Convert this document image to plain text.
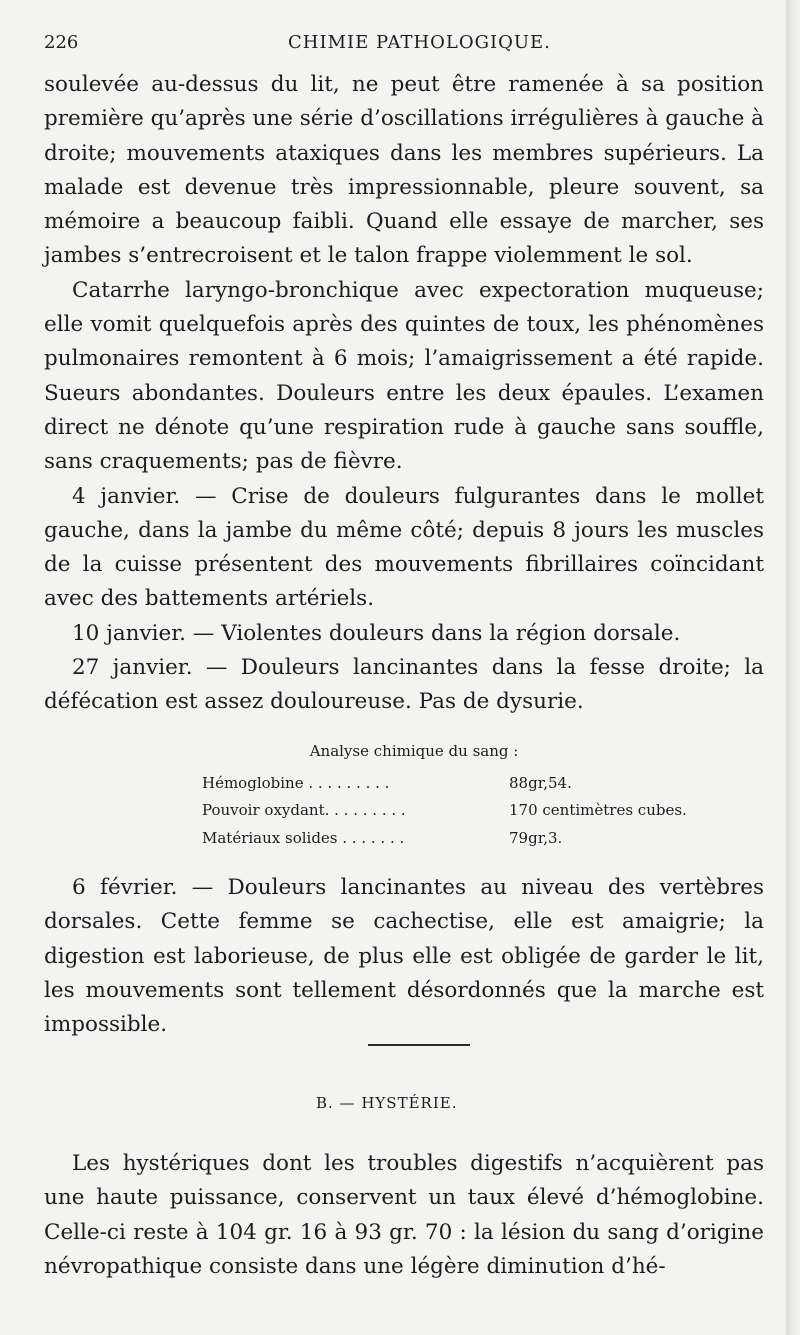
226	CHIMIE PATHOLOGIQUE.

soulevée au-dessus du lit, ne peut être ramenée à sa position première qu’après une série d’oscillations irrégulières à gauche à droite; mouvements ataxiques dans les membres supérieurs. La malade est devenue très impressionnable, pleure souvent, sa mémoire a beaucoup faibli. Quand elle essaye de marcher, ses jambes s’entrecroisent et le talon frappe violemment le sol.

Catarrhe laryngo-bronchique avec expectoration muqueuse; elle vomit quelquefois après des quintes de toux, les phénomènes pulmonaires remontent à 6 mois; l’amaigrissement a été rapide. Sueurs abondantes. Douleurs entre les deux épaules. L’examen direct ne dénote qu’une respiration rude à gauche sans souffle, sans craquements; pas de fièvre.

4 janvier. — Crise de douleurs fulgurantes dans le mollet gauche, dans la jambe du même côté; depuis 8 jours les muscles de la cuisse présentent des mouvements fibrillaires coïncidant avec des battements artériels.

10 janvier. — Violentes douleurs dans la région dorsale.

27 janvier. — Douleurs lancinantes dans la fesse droite; la défécation est assez douloureuse. Pas de dysurie.

Analyse chimique du sang :
Hémoglobine . . . . . . . . .	88gr,54.
Pouvoir oxydant. . . . . . . . .	170 centimètres cubes.
Matériaux solides . . . . . . .	79gr,3.

6 février. — Douleurs lancinantes au niveau des vertèbres dorsales. Cette femme se cachectise, elle est amaigrie; la digestion est laborieuse, de plus elle est obligée de garder le lit, les mouvements sont tellement désordonnés que la marche est impossible.

B. — HYSTÉRIE.

Les hystériques dont les troubles digestifs n’acquièrent pas une haute puissance, conservent un taux élevé d’hémoglobine. Celle-ci reste à 104 gr. 16 à 93 gr. 70 : la lésion du sang d’origine névropathique consiste dans une légère diminution d’hé-
